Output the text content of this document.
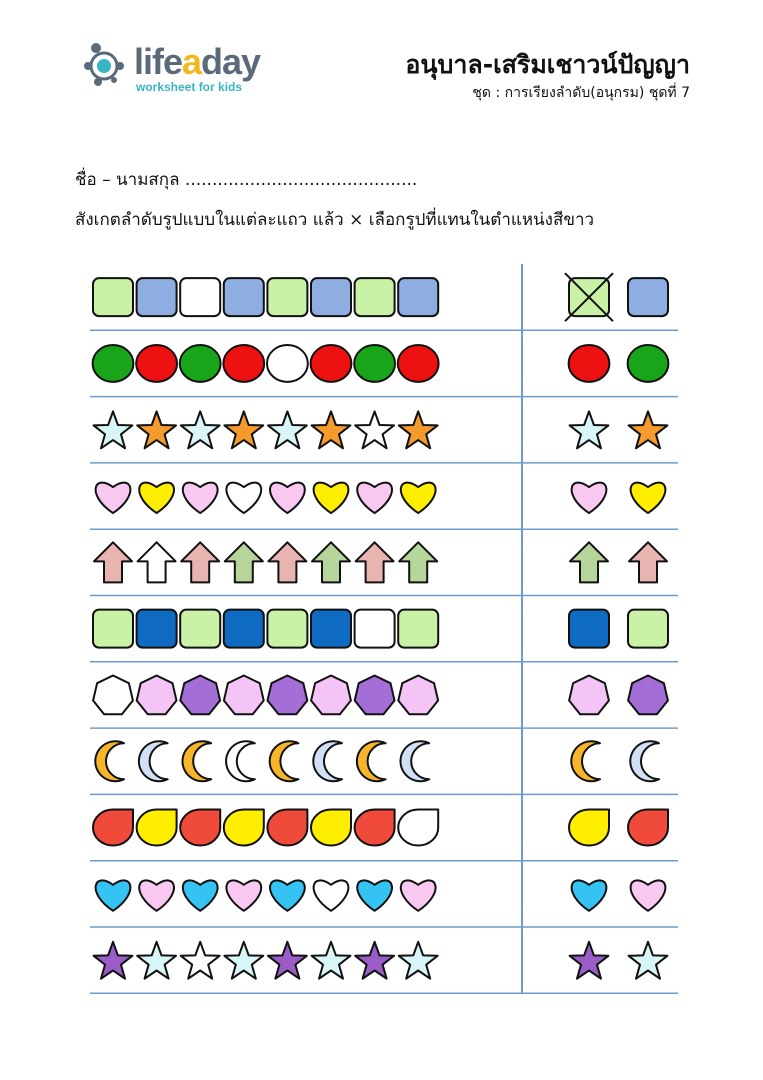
lifeaday
worksheet for kids
อนุบาล-เสริมเชาวน์ปัญญา
ชุด : การเรียงลำดับ(อนุกรม) ชุดที่ 7
ชื่อ – นามสกุล ...........................................
สังเกตลำดับรูปแบบในแต่ละแถว แล้ว × เลือกรูปที่แทนในตำแหน่งสีขาว
